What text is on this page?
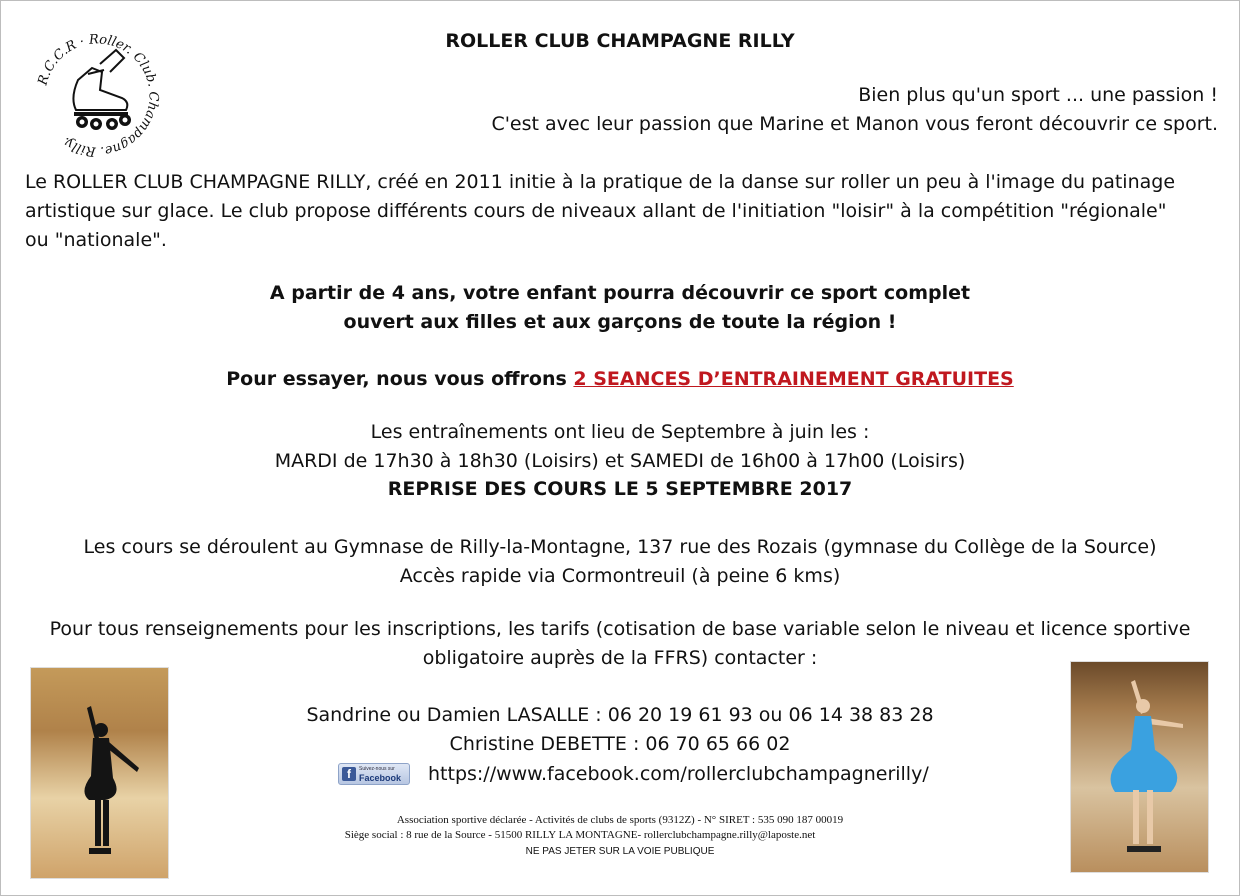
R.C.C.R · Roller. Club. Champagne. Rilly.
ROLLER CLUB CHAMPAGNE RILLY
Bien plus qu'un sport ... une passion !
C'est avec leur passion que Marine et Manon vous feront découvrir ce sport.
Le ROLLER CLUB CHAMPAGNE RILLY, créé en 2011 initie à la pratique de la danse sur roller un peu à l'image du patinage
artistique sur glace. Le club propose différents cours de niveaux allant de l'initiation "loisir" à la compétition "régionale"
ou "nationale".
A partir de 4 ans, votre enfant pourra découvrir ce sport complet
ouvert aux filles et aux garçons de toute la région !
Pour essayer, nous vous offrons 2 SEANCES D’ENTRAINEMENT GRATUITES
Les entraînements ont lieu de Septembre à juin les :
MARDI de 17h30 à 18h30 (Loisirs) et SAMEDI de 16h00 à 17h00 (Loisirs)
REPRISE DES COURS LE 5 SEPTEMBRE 2017
Les cours se déroulent au Gymnase de Rilly-la-Montagne, 137 rue des Rozais (gymnase du Collège de la Source)
Accès rapide via Cormontreuil (à peine 6 kms)
Pour tous renseignements pour les inscriptions, les tarifs (cotisation de base variable selon le niveau et licence sportive
obligatoire auprès de la FFRS) contacter :
Sandrine ou Damien LASALLE : 06 20 19 61 93 ou 06 14 38 83 28
Christine DEBETTE : 06 70 65 66 02
f	Suivez-nous sur
Facebook https://www.facebook.com/rollerclubchampagnerilly/
Association sportive déclarée - Activités de clubs de sports (9312Z) - N° SIRET : 535 090 187 00019
Siège social : 8 rue de la Source - 51500 RILLY LA MONTAGNE- rollerclubchampagne.rilly@laposte.net
NE PAS JETER SUR LA VOIE PUBLIQUE
